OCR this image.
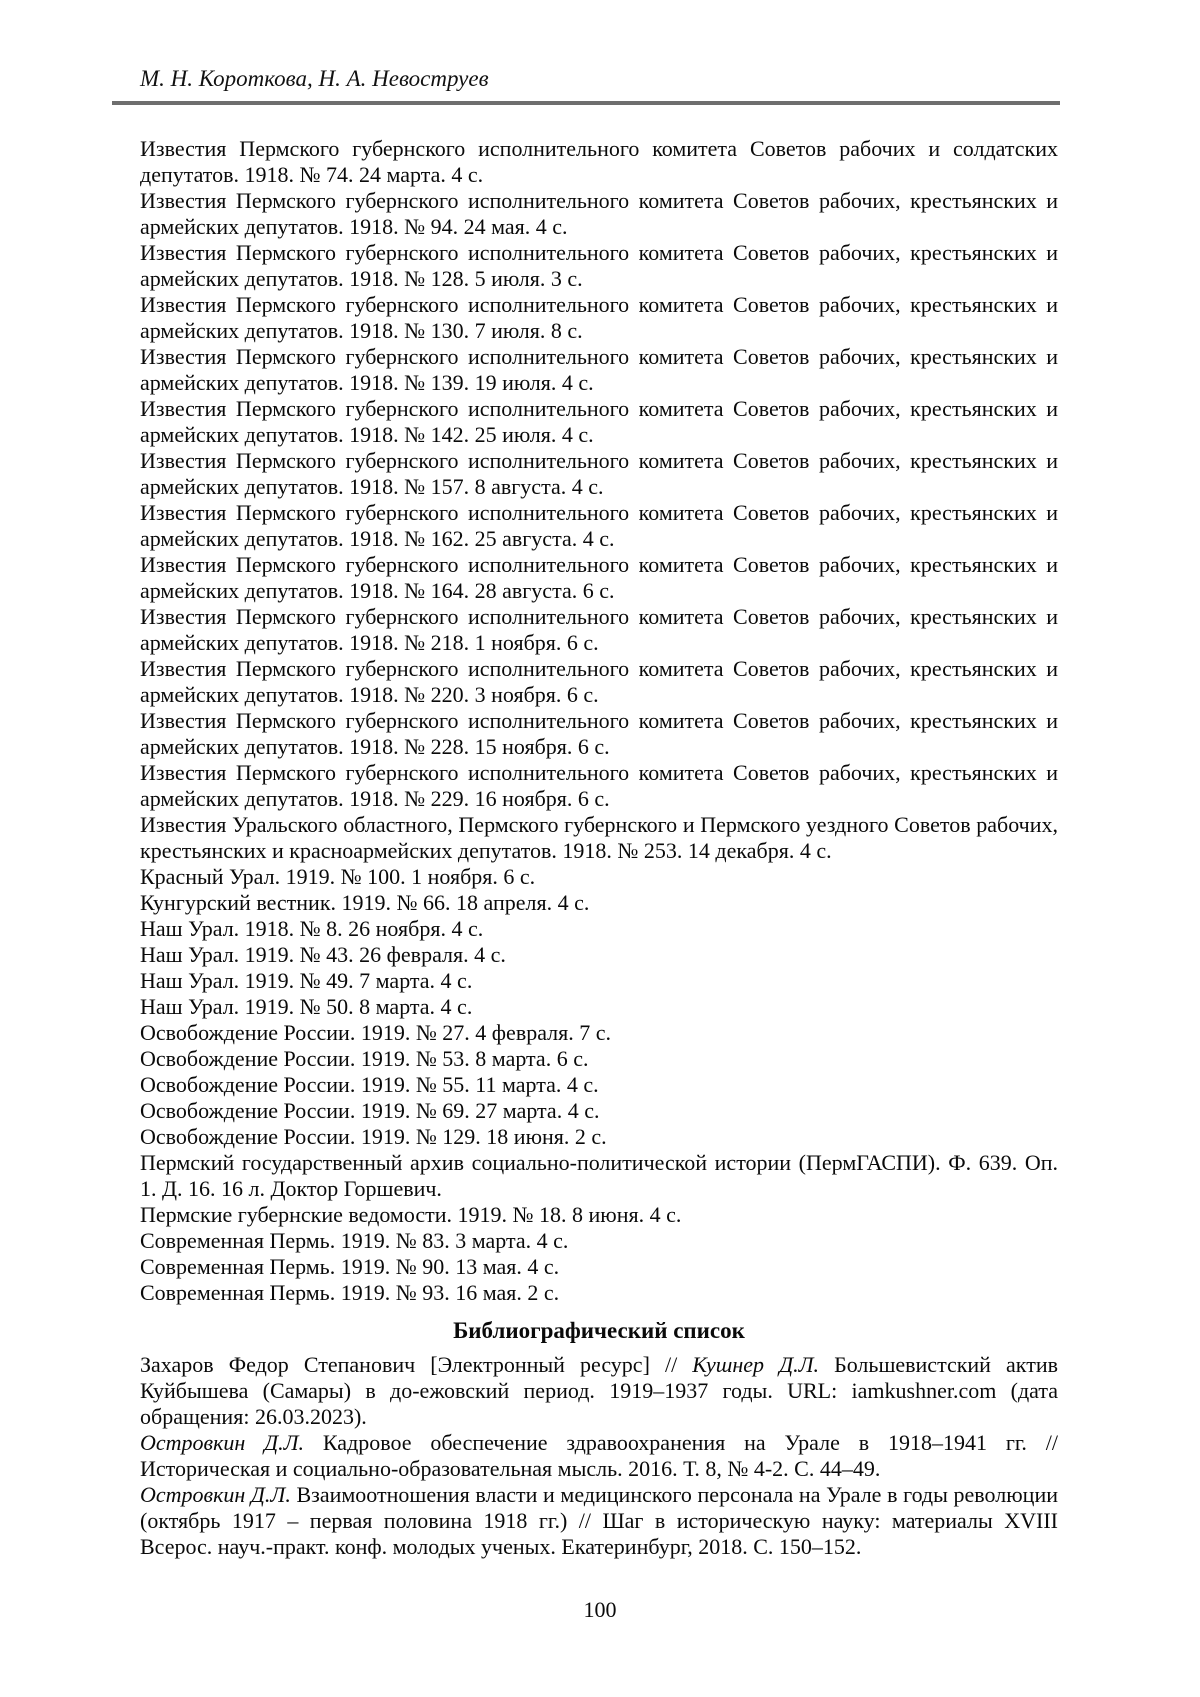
М. Н. Короткова, Н. А. Невоструев

Известия Пермского губернского исполнительного комитета Советов рабочих и солдатских депутатов. 1918. № 74. 24 марта. 4 с.

Известия Пермского губернского исполнительного комитета Советов рабочих, крестьянских и армейских депутатов. 1918. № 94. 24 мая. 4 с.

Известия Пермского губернского исполнительного комитета Советов рабочих, крестьянских и армейских депутатов. 1918. № 128. 5 июля. 3 с.

Известия Пермского губернского исполнительного комитета Советов рабочих, крестьянских и армейских депутатов. 1918. № 130. 7 июля. 8 с.

Известия Пермского губернского исполнительного комитета Советов рабочих, крестьянских и армейских депутатов. 1918. № 139. 19 июля. 4 с.

Известия Пермского губернского исполнительного комитета Советов рабочих, крестьянских и армейских депутатов. 1918. № 142. 25 июля. 4 с.

Известия Пермского губернского исполнительного комитета Советов рабочих, крестьянских и армейских депутатов. 1918. № 157. 8 августа. 4 с.

Известия Пермского губернского исполнительного комитета Советов рабочих, крестьянских и армейских депутатов. 1918. № 162. 25 августа. 4 с.

Известия Пермского губернского исполнительного комитета Советов рабочих, крестьянских и армейских депутатов. 1918. № 164. 28 августа. 6 с.

Известия Пермского губернского исполнительного комитета Советов рабочих, крестьянских и армейских депутатов. 1918. № 218. 1 ноября. 6 с.

Известия Пермского губернского исполнительного комитета Советов рабочих, крестьянских и армейских депутатов. 1918. № 220. 3 ноября. 6 с.

Известия Пермского губернского исполнительного комитета Советов рабочих, крестьянских и армейских депутатов. 1918. № 228. 15 ноября. 6 с.

Известия Пермского губернского исполнительного комитета Советов рабочих, крестьянских и армейских депутатов. 1918. № 229. 16 ноября. 6 с.

Известия Уральского областного, Пермского губернского и Пермского уездного Советов рабочих, крестьянских и красноармейских депутатов. 1918. № 253. 14 декабря. 4 с.

Красный Урал. 1919. № 100. 1 ноября. 6 с.

Кунгурский вестник. 1919. № 66. 18 апреля. 4 с.

Наш Урал. 1918. № 8. 26 ноября. 4 с.

Наш Урал. 1919. № 43. 26 февраля. 4 с.

Наш Урал. 1919. № 49. 7 марта. 4 с.

Наш Урал. 1919. № 50. 8 марта. 4 с.

Освобождение России. 1919. № 27. 4 февраля. 7 с.

Освобождение России. 1919. № 53. 8 марта. 6 с.

Освобождение России. 1919. № 55. 11 марта. 4 с.

Освобождение России. 1919. № 69. 27 марта. 4 с.

Освобождение России. 1919. № 129. 18 июня. 2 с.

Пермский государственный архив социально-политической истории (ПермГАСПИ). Ф. 639. Оп. 1. Д. 16. 16 л. Доктор Горшевич.

Пермские губернские ведомости. 1919. № 18. 8 июня. 4 с.

Современная Пермь. 1919. № 83. 3 марта. 4 с.

Современная Пермь. 1919. № 90. 13 мая. 4 с.

Современная Пермь. 1919. № 93. 16 мая. 2 с.

Библиографический список

Захаров Федор Степанович [Электронный ресурс] // Кушнер Д.Л. Большевистский актив Куйбышева (Самары) в до-ежовский период. 1919–1937 годы. URL: iamkushner.com (дата обращения: 26.03.2023).

Островкин Д.Л. Кадровое обеспечение здравоохранения на Урале в 1918–1941 гг. // Историческая и социально-образовательная мысль. 2016. Т. 8, № 4-2. С. 44–49.

Островкин Д.Л. Взаимоотношения власти и медицинского персонала на Урале в годы революции (октябрь 1917 – первая половина 1918 гг.) // Шаг в историческую науку: материалы XVIII Всерос. науч.-практ. конф. молодых ученых. Екатеринбург, 2018. С. 150–152.

100
